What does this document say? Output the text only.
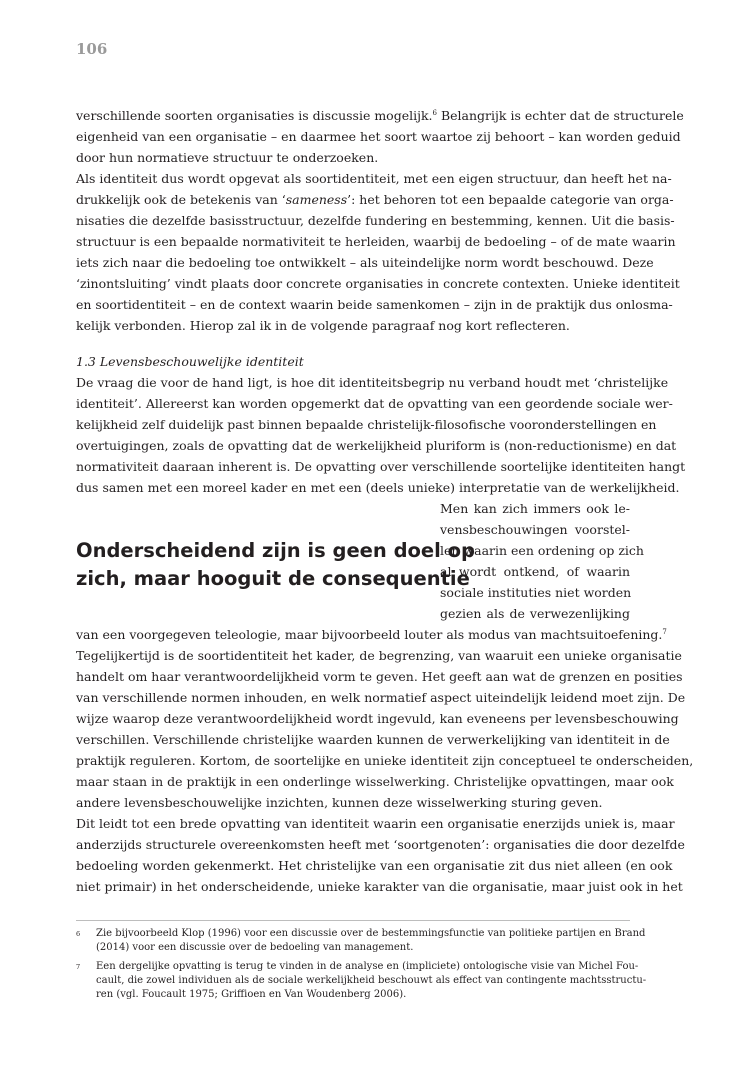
106
verschillende soorten organisaties is discussie mogelijk.$^6$ Belangrijk is echter dat de structurele
eigenheid van een organisatie – en daarmee het soort waartoe zij behoort – kan worden geduid
door hun normatieve structuur te onderzoeken.
Als identiteit dus wordt opgevat als soortidentiteit, met een eigen structuur, dan heeft het na-
drukkelijk ook de betekenis van ‘sameness’: het behoren tot een bepaalde categorie van orga-
nisaties die dezelfde basisstructuur, dezelfde fundering en bestemming, kennen. Uit die basis-
structuur is een bepaalde normativiteit te herleiden, waarbij de bedoeling – of de mate waarin
iets zich naar die bedoeling toe ontwikkelt – als uiteindelijke norm wordt beschouwd. Deze
‘zinontsluiting’ vindt plaats door concrete organisaties in concrete contexten. Unieke identiteit
en soortidentiteit – en de context waarin beide samenkomen – zijn in de praktijk dus onlosma-
kelijk verbonden. Hierop zal ik in de volgende paragraaf nog kort reflecteren.
1.3 Levensbeschouwelijke identiteit
De vraag die voor de hand ligt, is hoe dit identiteitsbegrip nu verband houdt met ‘christelijke
identiteit’. Allereerst kan worden opgemerkt dat de opvatting van een geordende sociale wer-
kelijkheid zelf duidelijk past binnen bepaalde christelijk-filosofische vooronderstellingen en
overtuigingen, zoals de opvatting dat de werkelijkheid pluriform is (non-reductionisme) en dat
normativiteit daaraan inherent is. De opvatting over verschillende soortelijke identiteiten hangt
dus samen met een moreel kader en met een (deels unieke) interpretatie van de werkelijkheid.
Men kan zich immers ook le-
vensbeschouwingen voorstel-
len waarin een ordening op zich
al wordt ontkend, of waarin
sociale instituties niet worden
gezien als de verwezenlijking
van een voorgegeven teleologie, maar bijvoorbeeld louter als modus van machtsuitoefening.$^7$
Tegelijkertijd is de soortidentiteit het kader, de begrenzing, van waaruit een unieke organisatie
handelt om haar verantwoordelijkheid vorm te geven. Het geeft aan wat de grenzen en posities
van verschillende normen inhouden, en welk normatief aspect uiteindelijk leidend moet zijn. De
wijze waarop deze verantwoordelijkheid wordt ingevuld, kan eveneens per levensbeschouwing
verschillen. Verschillende christelijke waarden kunnen de verwerkelijking van identiteit in de
praktijk reguleren. Kortom, de soortelijke en unieke identiteit zijn conceptueel te onderscheiden,
maar staan in de praktijk in een onderlinge wisselwerking. Christelijke opvattingen, maar ook
andere levensbeschouwelijke inzichten, kunnen deze wisselwerking sturing geven.
Dit leidt tot een brede opvatting van identiteit waarin een organisatie enerzijds uniek is, maar
anderzijds structurele overeenkomsten heeft met ‘soortgenoten’: organisaties die door dezelfde
bedoeling worden gekenmerkt. Het christelijke van een organisatie zit dus niet alleen (en ook
niet primair) in het onderscheidende, unieke karakter van die organisatie, maar juist ook in het
Onderscheidend zijn is geen doel op
zich, maar hooguit de consequentie
6 Zie bijvoorbeeld Klop (1996) voor een discussie over de bestemmingsfunctie van politieke partijen en Brand
(2014) voor een discussie over de bedoeling van management.
7 Een dergelijke opvatting is terug te vinden in de analyse en (impliciete) ontologische visie van Michel Fou-
cault, die zowel individuen als de sociale werkelijkheid beschouwt als effect van contingente machtsstructu-
ren (vgl. Foucault 1975; Griffioen en Van Woudenberg 2006).
